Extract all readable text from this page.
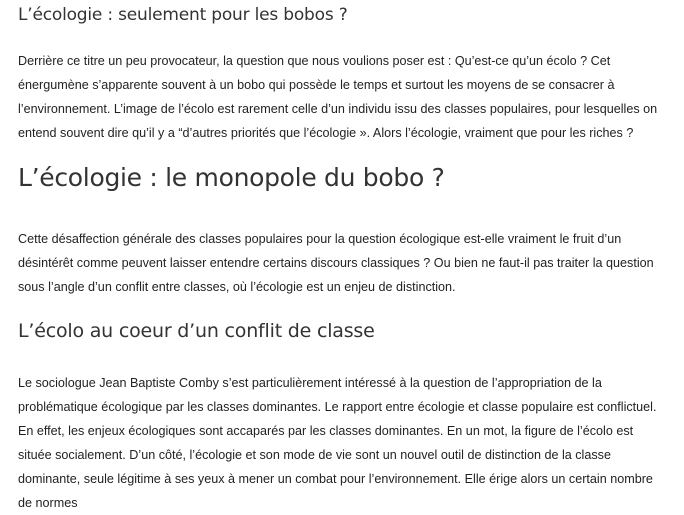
L’écologie : seulement pour les bobos ?

Derrière ce titre un peu provocateur, la question que nous voulions poser est : Qu’est-ce qu’un écolo ? Cet énergumène s’apparente souvent à un bobo qui possède le temps et surtout les moyens de se consacrer à l’environnement. L’image de l’écolo est rarement celle d’un individu issu des classes populaires, pour lesquelles on entend souvent dire qu’il y a “d’autres priorités que l’écologie ». Alors l’écologie, vraiment que pour les riches ?

L’écologie : le monopole du bobo ?

Cette désaffection générale des classes populaires pour la question écologique est-elle vraiment le fruit d’un désintérêt comme peuvent laisser entendre certains discours classiques ? Ou bien ne faut-il pas traiter la question sous l’angle d’un conflit entre classes, où l’écologie est un enjeu de distinction.

L’écolo au coeur d’un conflit de classe

Le sociologue Jean Baptiste Comby s’est particulièrement intéressé à la question de l’appropriation de la problématique écologique par les classes dominantes. Le rapport entre écologie et classe populaire est conflictuel. En effet, les enjeux écologiques sont accaparés par les classes dominantes. En un mot, la figure de l’écolo est située socialement. D’un côté, l’écologie et son mode de vie sont un nouvel outil de distinction de la classe dominante, seule légitime à ses yeux à mener un combat pour l’environnement. Elle érige alors un certain nombre de normes
